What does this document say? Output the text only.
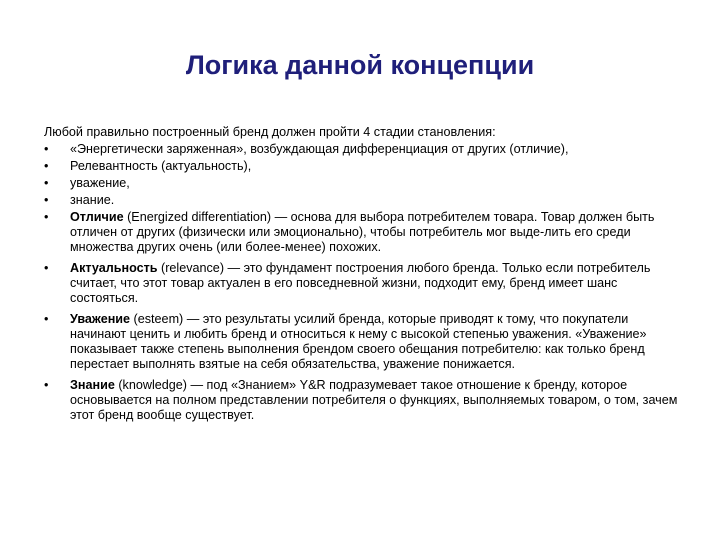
Логика данной концепции
Любой правильно построенный бренд должен пройти 4 стадии становления:
•	«Энергетически заряженная», возбуждающая дифференциация от других (отличие),
•	Релевантность (актуальность),
•	уважение,
•	знание.
•	Отличие (Energized differentiation) — основа для выбора потребителем товара. Товар должен быть отличен от других (физически или эмоционально), чтобы потребитель мог выде-лить его среди множества других очень (или более-менее) похожих.
•	Актуальность (relevance) — это фундамент построения любого бренда. Только если потребитель считает, что этот товар актуален в его повседневной жизни, подходит ему, бренд имеет шанс состояться.
•	Уважение (esteem) — это результаты усилий бренда, которые приводят к тому, что покупатели начинают ценить и любить бренд и относиться к нему с высокой степенью уважения. «Уважение» показывает также степень выполнения брендом своего обещания потребителю: как только бренд перестает выполнять взятые на себя обязательства, уважение понижается.
•	Знание (knowledge) — под «Знанием» Y&R подразумевает такое отношение к бренду, которое основывается на полном представлении потребителя о функциях, выполняемых товаром, о том, зачем этот бренд вообще существует.
